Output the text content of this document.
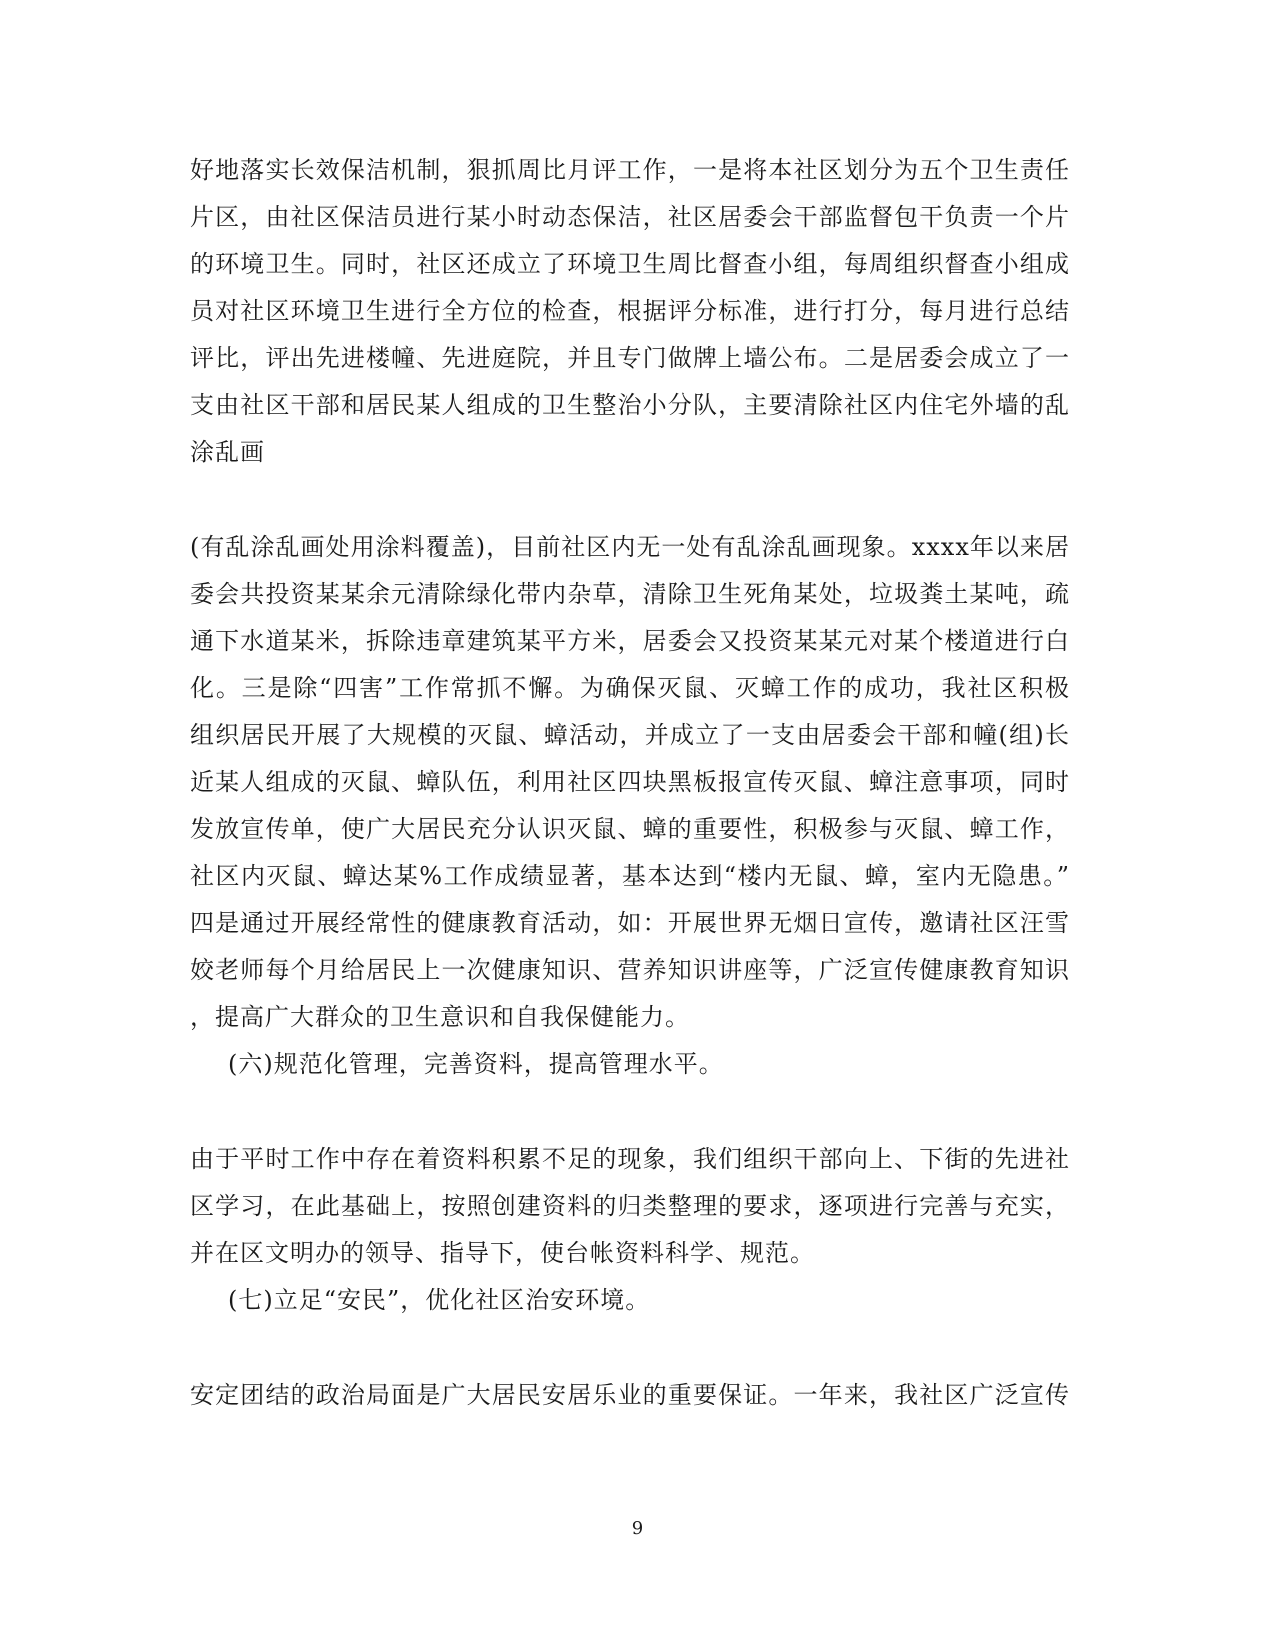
好地落实长效保洁机制，狠抓周比月评工作，一是将本社区划分为五个卫生责任
片区，由社区保洁员进行某小时动态保洁，社区居委会干部监督包干负责一个片
的环境卫生。同时，社区还成立了环境卫生周比督查小组，每周组织督查小组成
员对社区环境卫生进行全方位的检查，根据评分标准，进行打分，每月进行总结
评比，评出先进楼幢、先进庭院，并且专门做牌上墙公布。二是居委会成立了一
支由社区干部和居民某人组成的卫生整治小分队，主要清除社区内住宅外墙的乱
涂乱画
(有乱涂乱画处用涂料覆盖)，目前社区内无一处有乱涂乱画现象。xxxx年以来居
委会共投资某某余元清除绿化带内杂草，清除卫生死角某处，垃圾粪土某吨，疏
通下水道某米，拆除违章建筑某平方米，居委会又投资某某元对某个楼道进行白
化。三是除“四害”工作常抓不懈。为确保灭鼠、灭蟑工作的成功，我社区积极
组织居民开展了大规模的灭鼠、蟑活动，并成立了一支由居委会干部和幢(组)长
近某人组成的灭鼠、蟑队伍，利用社区四块黑板报宣传灭鼠、蟑注意事项，同时
发放宣传单，使广大居民充分认识灭鼠、蟑的重要性，积极参与灭鼠、蟑工作，
社区内灭鼠、蟑达某%工作成绩显著，基本达到“楼内无鼠、蟑，室内无隐患。”
四是通过开展经常性的健康教育活动，如：开展世界无烟日宣传，邀请社区汪雪
姣老师每个月给居民上一次健康知识、营养知识讲座等，广泛宣传健康教育知识
，提高广大群众的卫生意识和自我保健能力。
(六)规范化管理，完善资料，提高管理水平。
由于平时工作中存在着资料积累不足的现象，我们组织干部向上、下街的先进社
区学习，在此基础上，按照创建资料的归类整理的要求，逐项进行完善与充实，
并在区文明办的领导、指导下，使台帐资料科学、规范。
(七)立足“安民”，优化社区治安环境。
安定团结的政治局面是广大居民安居乐业的重要保证。一年来，我社区广泛宣传
9
